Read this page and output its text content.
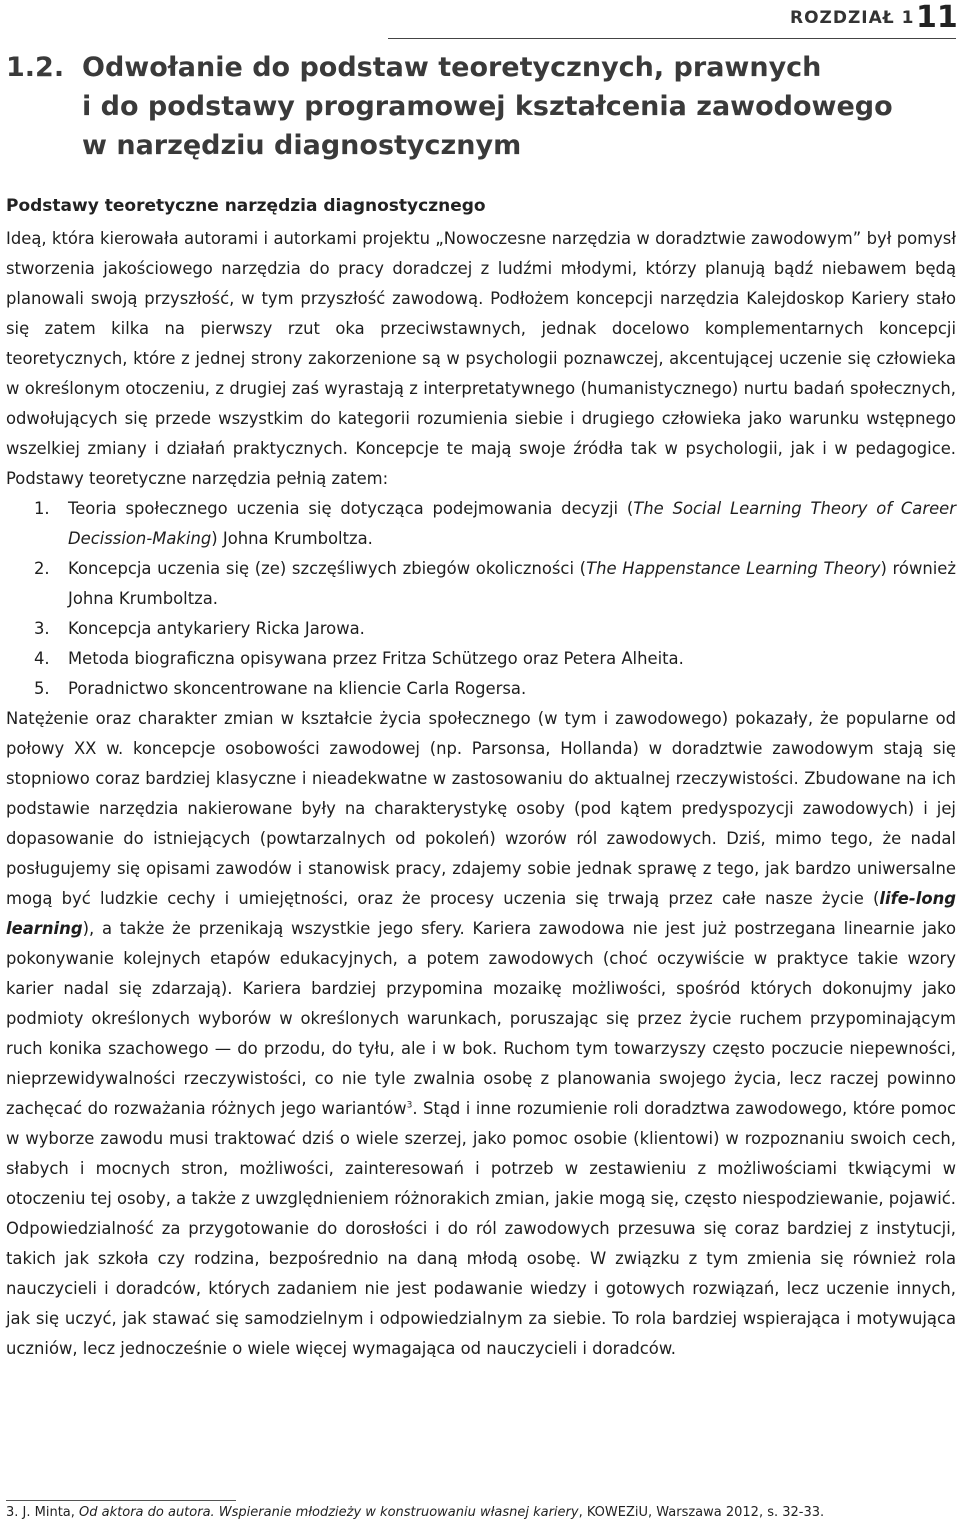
ROZDZIAŁ 1 11
1.2. Odwołanie do podstaw teoretycznych, prawnych
i do podstawy programowej kształcenia zawodowego
w narzędziu diagnostycznym
Podstawy teoretyczne narzędzia diagnostycznego

Ideą, która kierowała autorami i autorkami projektu „Nowoczesne narzędzia w doradztwie zawodowym” był pomysł stworzenia jakościowego narzędzia do pracy doradczej z ludźmi młodymi, którzy planują bądź niebawem będą planowali swoją przyszłość, w tym przyszłość zawodową. Podłożem koncepcji narzędzia Kalejdoskop Kariery stało się zatem kilka na pierwszy rzut oka przeciwstawnych, jednak docelowo komplementarnych koncepcji teoretycznych, które z jednej strony zakorzenione są w psychologii poznawczej, akcentującej uczenie się człowieka w określonym otoczeniu, z drugiej zaś wyrastają z interpretatywnego (humanistycznego) nurtu badań społecznych, odwołujących się przede wszystkim do kategorii rozumienia siebie i drugiego człowieka jako warunku wstępnego wszelkiej zmiany i działań praktycznych. Koncepcje te mają swoje źródła tak w psychologii, jak i w pedagogice. Podstawy teoretyczne narzędzia pełnią zatem:

1. Teoria społecznego uczenia się dotycząca podejmowania decyzji (The Social Learning Theory of Career Decission-Making) Johna Krumboltza.
2. Koncepcja uczenia się (ze) szczęśliwych zbiegów okoliczności (The Happenstance Learning Theory) również Johna Krumboltza.
3. Koncepcja antykariery Ricka Jarowa.
4. Metoda biograficzna opisywana przez Fritza Schützego oraz Petera Alheita.
5. Poradnictwo skoncentrowane na kliencie Carla Rogersa.

Natężenie oraz charakter zmian w kształcie życia społecznego (w tym i zawodowego) pokazały, że popularne od połowy XX w. koncepcje osobowości zawodowej (np. Parsonsa, Hollanda) w doradztwie zawodowym stają się stopniowo coraz bardziej klasyczne i nieadekwatne w zastosowaniu do aktualnej rzeczywistości. Zbudowane na ich podstawie narzędzia nakierowane były na charakterystykę osoby (pod kątem predyspozycji zawodowych) i jej dopasowanie do istniejących (powtarzalnych od pokoleń) wzorów ról zawodowych. Dziś, mimo tego, że nadal posługujemy się opisami zawodów i stanowisk pracy, zdajemy sobie jednak sprawę z tego, jak bardzo uniwersalne mogą być ludzkie cechy i umiejętności, oraz że procesy uczenia się trwają przez całe nasze życie (life-long learning), a także że przenikają wszystkie jego sfery. Kariera zawodowa nie jest już postrzegana linearnie jako pokonywanie kolejnych etapów edukacyjnych, a potem zawodowych (choć oczywiście w praktyce takie wzory karier nadal się zdarzają). Kariera bardziej przypomina mozaikę możliwości, spośród których dokonujmy jako podmioty określonych wyborów w określonych warunkach, poruszając się przez życie ruchem przypominającym ruch konika szachowego — do przodu, do tyłu, ale i w bok. Ruchom tym towarzyszy często poczucie niepewności, nieprzewidywalności rzeczywistości, co nie tyle zwalnia osobę z planowania swojego życia, lecz raczej powinno zachęcać do rozważania różnych jego wariantów$^3$. Stąd i inne rozumienie roli doradztwa zawodowego, które pomoc w wyborze zawodu musi traktować dziś o wiele szerzej, jako pomoc osobie (klientowi) w rozpoznaniu swoich cech, słabych i mocnych stron, możliwości, zainteresowań i potrzeb w zestawieniu z możliwościami tkwiącymi w otoczeniu tej osoby, a także z uwzględnieniem różnorakich zmian, jakie mogą się, często niespodziewanie, pojawić. Odpowiedzialność za przygotowanie do dorosłości i do ról zawodowych przesuwa się coraz bardziej z instytucji, takich jak szkoła czy rodzina, bezpośrednio na daną młodą osobę. W związku z tym zmienia się również rola nauczycieli i doradców, których zadaniem nie jest podawanie wiedzy i gotowych rozwiązań, lecz uczenie innych, jak się uczyć, jak stawać się samodzielnym i odpowiedzialnym za siebie. To rola bardziej wspierająca i motywująca uczniów, lecz jednocześnie o wiele więcej wymagająca od nauczycieli i doradców.

3. J. Minta, Od aktora do autora. Wspieranie młodzieży w konstruowaniu własnej kariery, KOWEZiU, Warszawa 2012, s. 32-33.
